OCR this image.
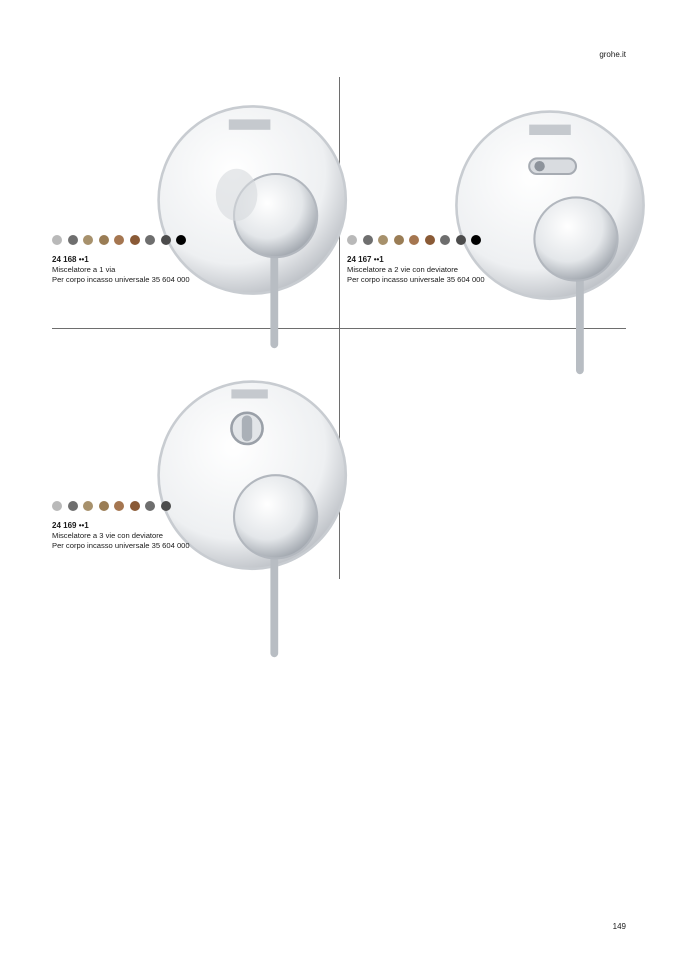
grohe.it
24 168 ••1
Miscelatore a 1 via
Per corpo incasso universale 35 604 000
24 167 ••1
Miscelatore a 2 vie con deviatore
Per corpo incasso universale 35 604 000
24 169 ••1
Miscelatore a 3 vie con deviatore
Per corpo incasso universale 35 604 000
149
